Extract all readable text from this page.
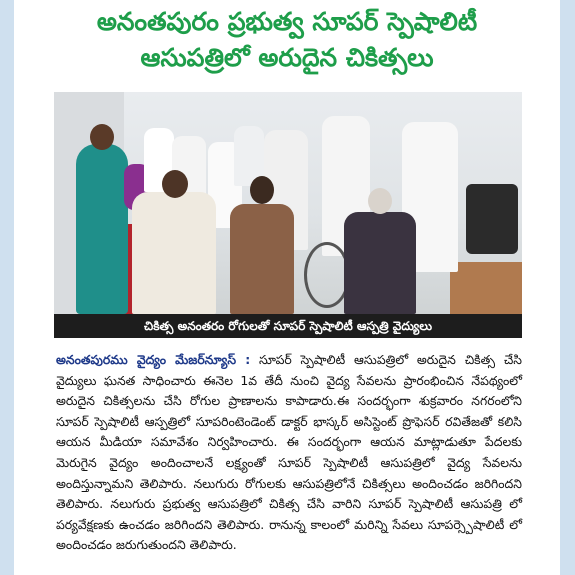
అనంతపురం ప్రభుత్వ సూపర్ స్పెషాలిటీ
ఆసుపత్రిలో అరుదైన చికిత్సలు
చికిత్స అనంతరం రోగులతో సూపర్ స్పెషాలిటీ ఆస్పత్రి వైద్యులు
అనంతపురము వైద్యం మేజర్‌న్యూస్ : సూపర్ స్పెషాలిటీ ఆసుపత్రిలో అరుదైన చికిత్స చేసి వైద్యులు ఘనత సాధించారు ఈనెల 1వ తేదీ నుంచి వైద్య సేవలను ప్రారంభించిన నేపథ్యంలో అరుదైన చికిత్సలను చేసి రోగుల ప్రాణాలను కాపాడారు.ఈ సందర్భంగా శుక్రవారం నగరంలోని సూపర్ స్పెషాలిటీ ఆస్పత్రిలో సూపరింటెండెంట్ డాక్టర్ భాస్కర్ అసిస్టెంట్ ప్రొఫెసర్ రవితేజతో కలిసి ఆయన మీడియా సమావేశం నిర్వహించారు. ఈ సందర్భంగా ఆయన మాట్లాడుతూ పేదలకు మెరుగైన వైద్యం అందించాలనే లక్ష్యంతో సూపర్ స్పెషాలిటీ ఆసుపత్రిలో వైద్య సేవలను అందిస్తున్నామని తెలిపారు. నలుగురు రోగులకు ఆసుపత్రిలోనే చికిత్సలు అందించడం జరిగిందని తెలిపారు. నలుగురు ప్రభుత్వ ఆసుపత్రిలో చికిత్స చేసి వారిని సూపర్ స్పెషాలిటీ ఆసుపత్రి లో పర్యవేక్షణకు ఉంచడం జరిగిందని తెలిపారు. రానున్న కాలంలో మరిన్ని సేవలు సూపర్స్పెషాలిటీ లో అందించడం జరుగుతుందని తెలిపారు.
